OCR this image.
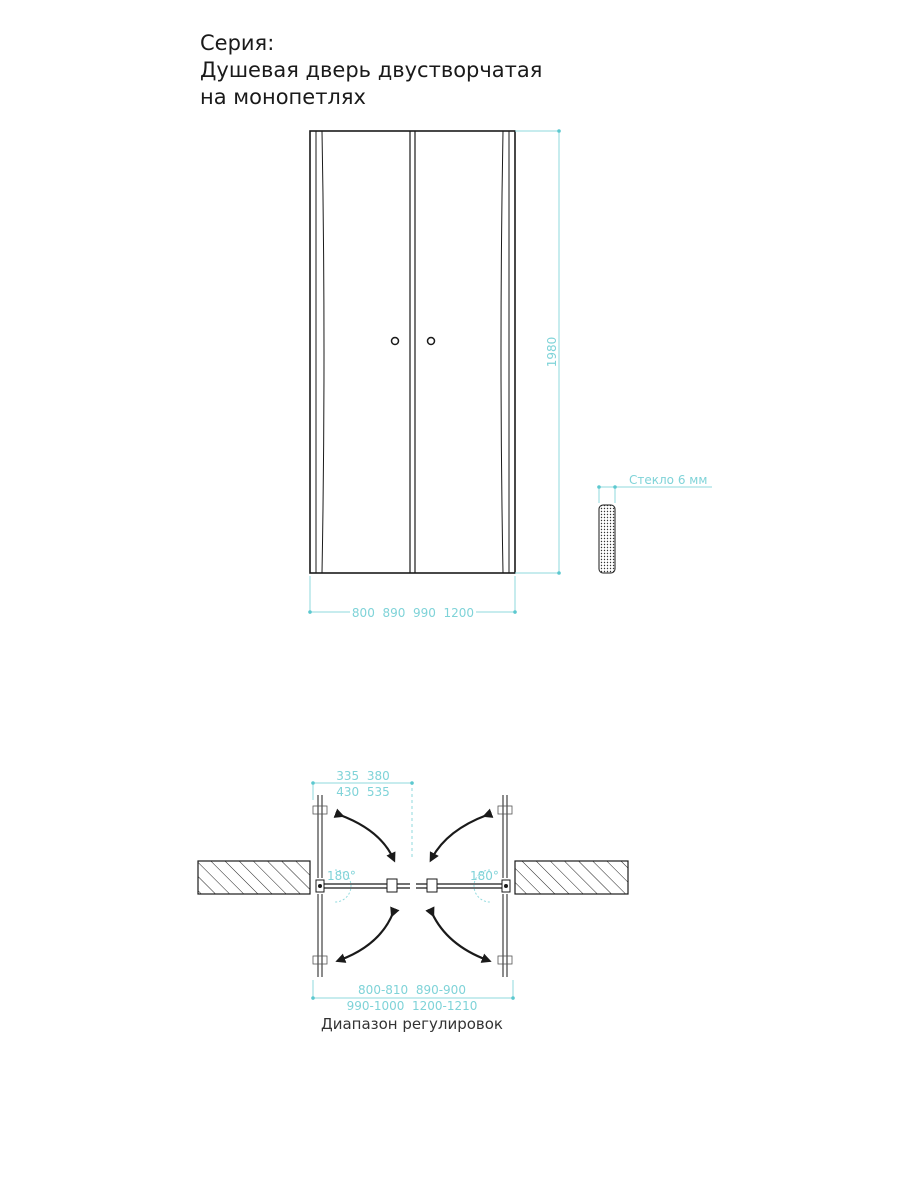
Серия:
Душевая дверь двустворчатая
на монопетлях
1980
800  890  990  1200
Стекло 6 мм
180°	180°
335  380
430  535
800-810  890-900
990-1000  1200-1210
Диапазон регулировок
